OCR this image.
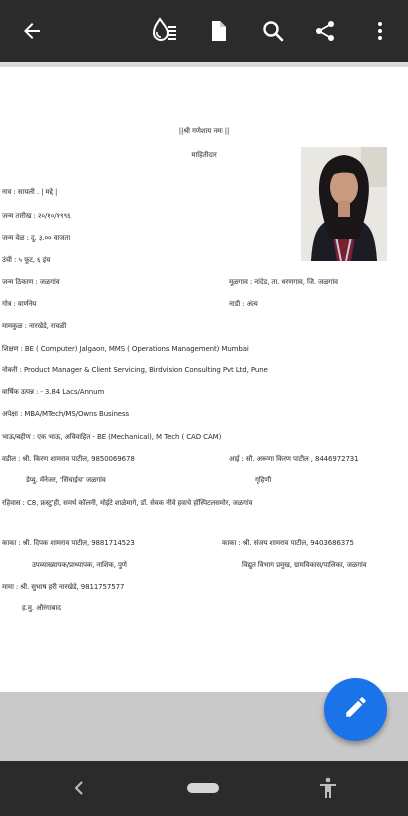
||श्री गणेशाय नमः ||
माहितीदार
नाव : सायली . | मद्दे |
जन्म तारीख : २०/१०/१९९६
जन्म वेळ : दु. ३.०० वाजता
उंची : ५ फूट, ६ इंच
जन्म ठिकाण : जळगांव	मूळगाव : नांदेड, ता. धरणगाव, जि. जळगांव
गोत्र : वार्णनेय	नाडी : अंत्य
मामकुळ : नारखेडे, रावळी
शिक्षण : BE ( Computer) Jalgaon, MMS ( Operations Management) Mumbai
नोकरी : Product Manager & Client Servicing, Birdvision Consulting Pvt Ltd, Pune
वार्षिक उत्पन्न : - 3.84 Lacs/Annum
अपेक्षा : MBA/MTech/MS/Owns Business
भाऊ/बहीण : एक भाऊ, अविवाहित - BE (Mechanical), M Tech ( CAD CAM)
वडील : श्री. किरण शामराव पाटील, 9850069678	आई : सौ. अरूणा किरण पाटील , 8446972731
डेप्यु. मॅनेजर, 'सिंचाईच' जळगांव	गृहिणी
रहिवास : C8, फ्रस्टु'ही, समर्थ कॉलनी, मोईटे शाळेमागे, डॉ. सेवक नीवे हवाचे हॉस्पिटलसमोर, जळगांव
काका : श्री. दिपक शामराव पाटील, 9881714523	काका : श्री. संजय शामराव पाटील, 9403686375
उपव्याख्यापक/प्राध्यापक, नाशिक, पुणे	विद्युत विभाग प्रमुख, ग्रामविकास/पालिका, जळगांव
मामा : श्री. सुभाष हरी नारखेडे, 9811757577
ह.मु. औरंगाबाद
